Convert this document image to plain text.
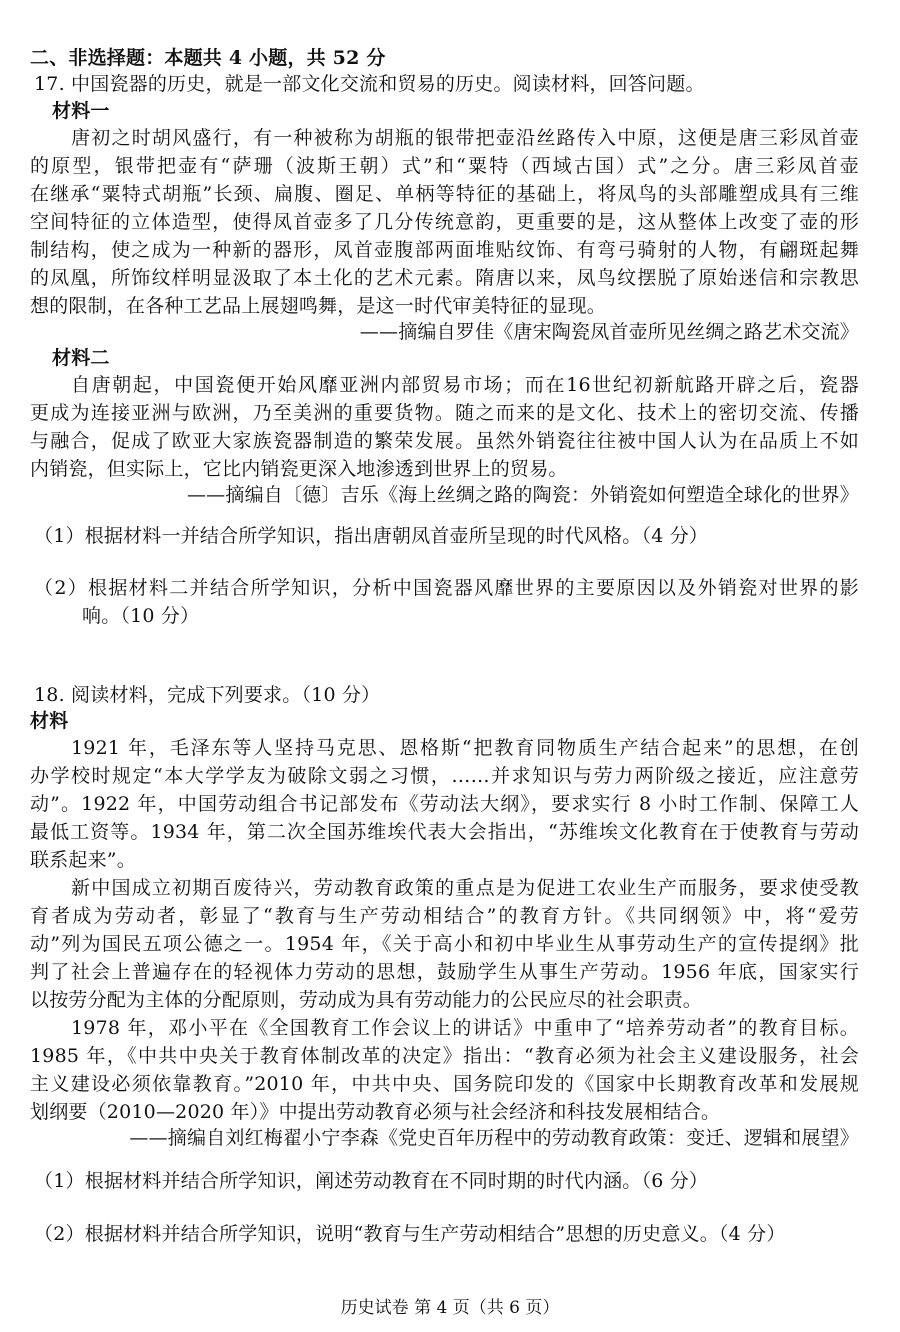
二、非选择题：本题共 4 小题，共 52 分
17. 中国瓷器的历史，就是一部文化交流和贸易的历史。阅读材料，回答问题。
材料一
唐初之时胡风盛行，有一种被称为胡瓶的银带把壶沿丝路传入中原，这便是唐三彩凤首壶
的原型，银带把壶有“萨珊（波斯王朝）式”和“粟特（西域古国）式”之分。唐三彩凤首壶
在继承“粟特式胡瓶”长颈、扁腹、圈足、单柄等特征的基础上，将凤鸟的头部雕塑成具有三维
空间特征的立体造型，使得凤首壶多了几分传统意韵，更重要的是，这从整体上改变了壶的形
制结构，使之成为一种新的器形，凤首壶腹部两面堆贴纹饰、有弯弓骑射的人物，有翩斑起舞
的凤凰，所饰纹样明显汲取了本土化的艺术元素。隋唐以来，凤鸟纹摆脱了原始迷信和宗教思
想的限制，在各种工艺品上展翅鸣舞，是这一时代审美特征的显现。
——摘编自罗佳《唐宋陶瓷凤首壶所见丝绸之路艺术交流》
材料二
自唐朝起，中国瓷便开始风靡亚洲内部贸易市场；而在16世纪初新航路开辟之后，瓷器
更成为连接亚洲与欧洲，乃至美洲的重要货物。随之而来的是文化、技术上的密切交流、传播
与融合，促成了欧亚大家族瓷器制造的繁荣发展。虽然外销瓷往往被中国人认为在品质上不如
内销瓷，但实际上，它比内销瓷更深入地渗透到世界上的贸易。
——摘编自〔德〕吉乐《海上丝绸之路的陶瓷：外销瓷如何塑造全球化的世界》
（1）根据材料一并结合所学知识，指出唐朝凤首壶所呈现的时代风格。（4 分）
（2）根据材料二并结合所学知识，分析中国瓷器风靡世界的主要原因以及外销瓷对世界的影
响。（10 分）
18. 阅读材料，完成下列要求。（10 分）
材料
1921 年，毛泽东等人坚持马克思、恩格斯“把教育同物质生产结合起来”的思想，在创
办学校时规定“本大学学友为破除文弱之习惯，……并求知识与劳力两阶级之接近，应注意劳
动”。1922 年，中国劳动组合书记部发布《劳动法大纲》，要求实行 8 小时工作制、保障工人
最低工资等。1934 年，第二次全国苏维埃代表大会指出，“苏维埃文化教育在于使教育与劳动
联系起来”。
新中国成立初期百废待兴，劳动教育政策的重点是为促进工农业生产而服务，要求使受教
育者成为劳动者，彰显了“教育与生产劳动相结合”的教育方针。《共同纲领》中，将“爱劳
动”列为国民五项公德之一。1954 年，《关于高小和初中毕业生从事劳动生产的宣传提纲》批
判了社会上普遍存在的轻视体力劳动的思想，鼓励学生从事生产劳动。1956 年底，国家实行
以按劳分配为主体的分配原则，劳动成为具有劳动能力的公民应尽的社会职责。
1978 年，邓小平在《全国教育工作会议上的讲话》中重申了“培养劳动者”的教育目标。
1985 年，《中共中央关于教育体制改革的决定》指出：“教育必须为社会主义建设服务，社会
主义建设必须依靠教育。”2010 年，中共中央、国务院印发的《国家中长期教育改革和发展规
划纲要（2010—2020 年）》中提出劳动教育必须与社会经济和科技发展相结合。
——摘编自刘红梅翟小宁李森《党史百年历程中的劳动教育政策：变迁、逻辑和展望》
（1）根据材料并结合所学知识，阐述劳动教育在不同时期的时代内涵。（6 分）
（2）根据材料并结合所学知识，说明“教育与生产劳动相结合”思想的历史意义。（4 分）
历史试卷 第 4 页（共 6 页）
